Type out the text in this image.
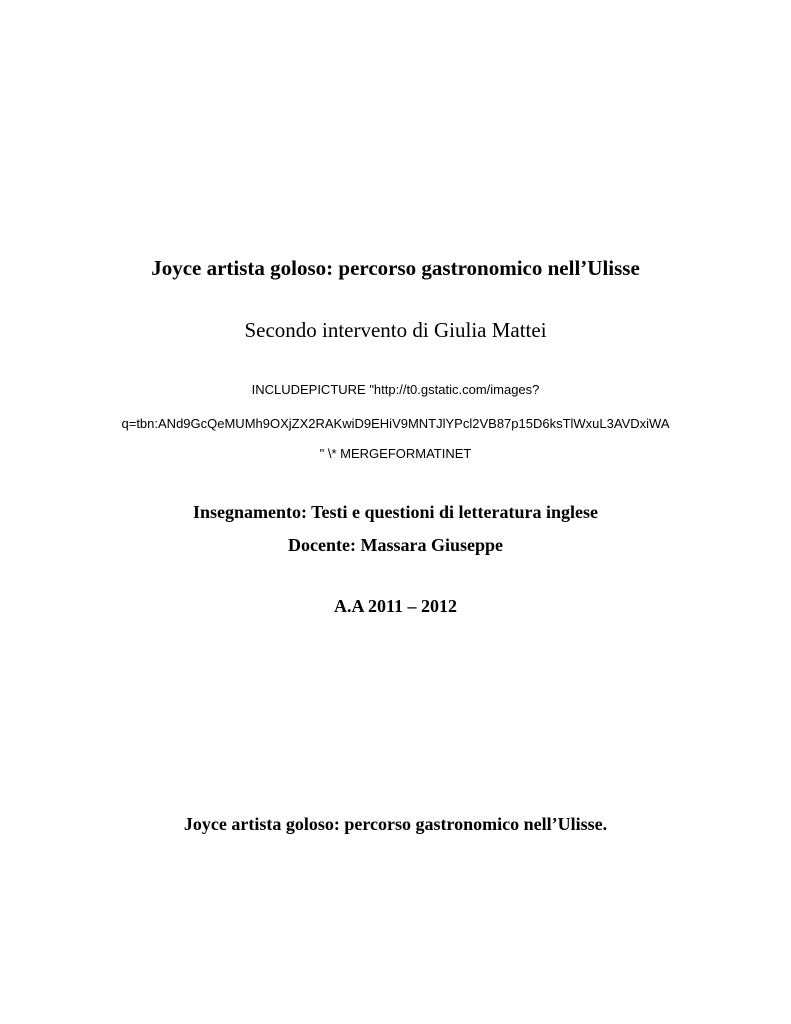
Joyce artista goloso: percorso gastronomico nell’Ulisse
Secondo intervento di Giulia Mattei
INCLUDEPICTURE "http://t0.gstatic.com/images?
q=tbn:ANd9GcQeMUMh9OXjZX2RAKwiD9EHiV9MNTJlYPcl2VB87p15D6ksTlWxuL3AVDxiWA
" \* MERGEFORMATINET
Insegnamento: Testi e questioni di letteratura inglese
Docente: Massara Giuseppe
A.A 2011 – 2012
Joyce artista goloso: percorso gastronomico nell’Ulisse.
